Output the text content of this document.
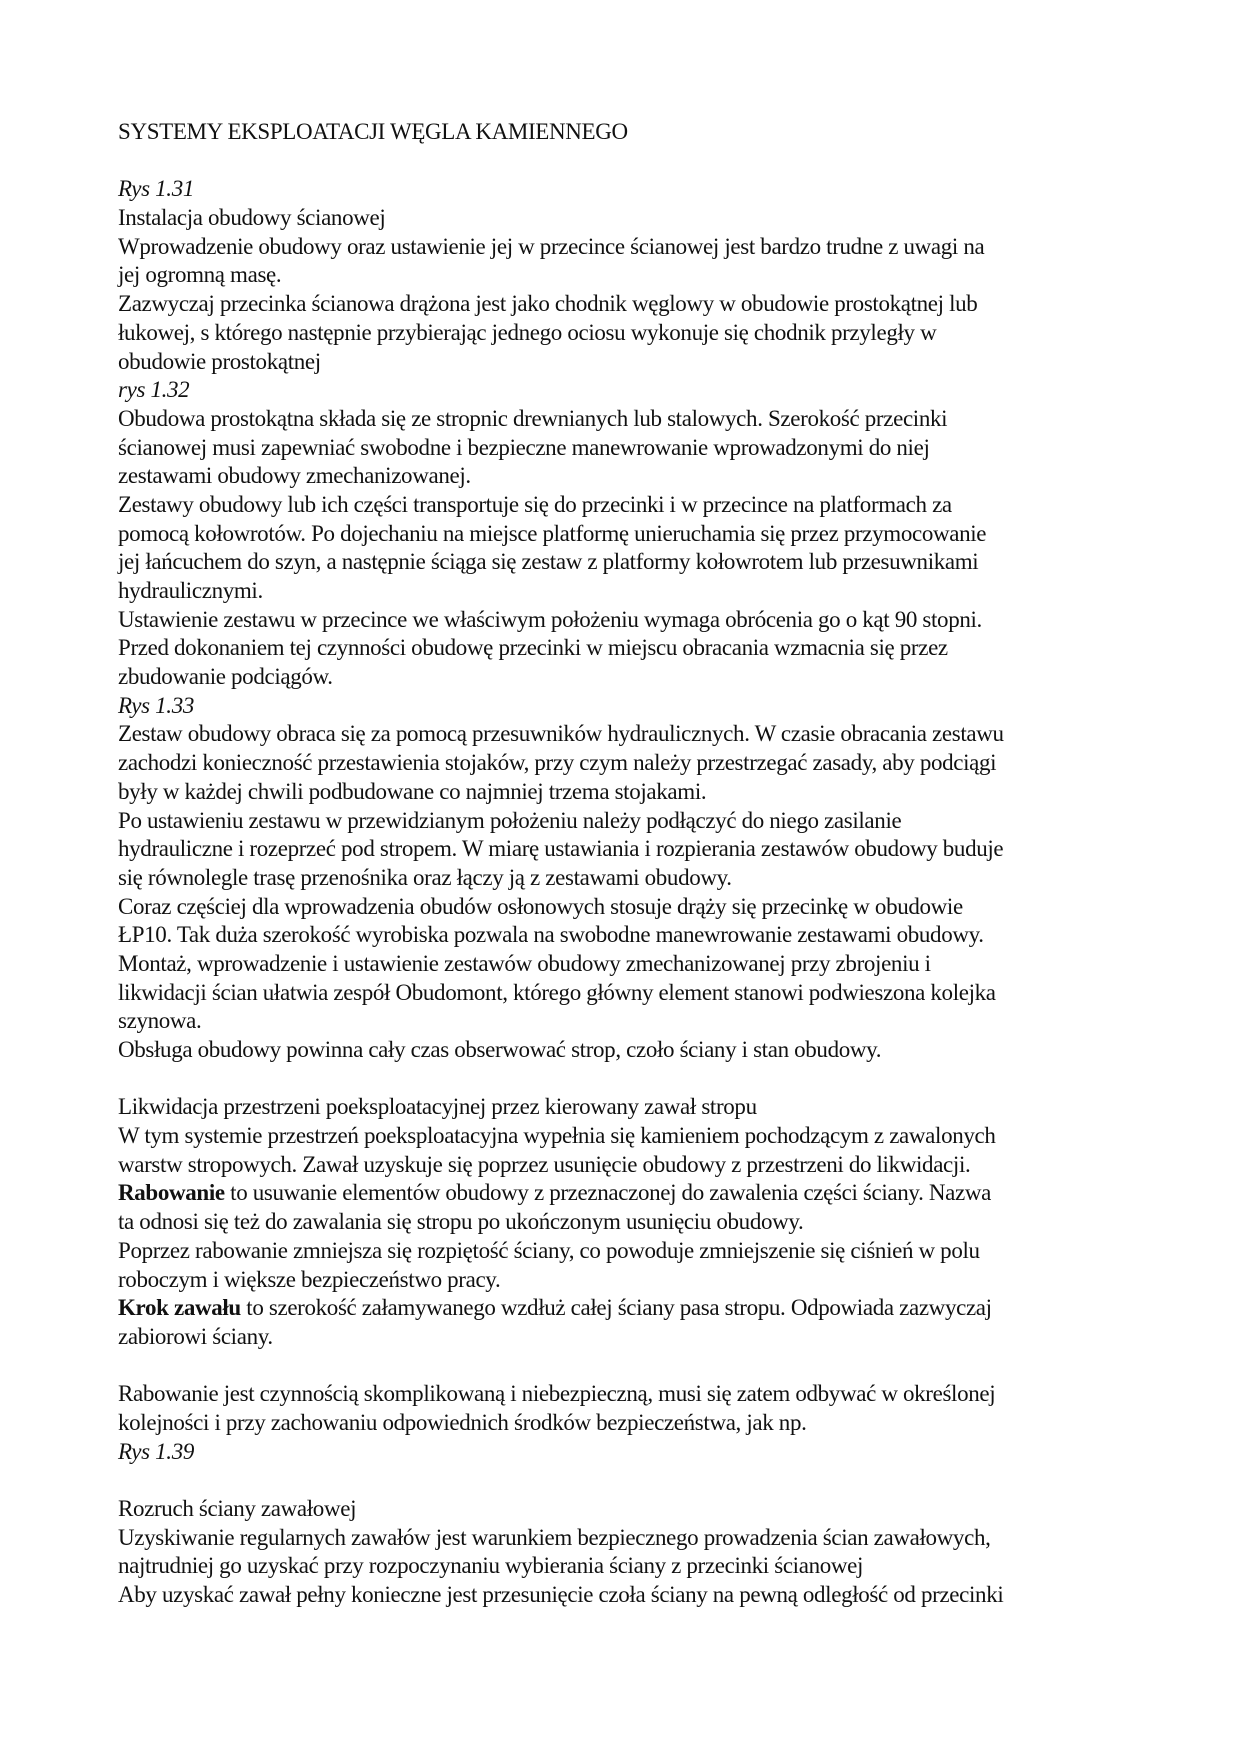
SYSTEMY EKSPLOATACJI WĘGLA KAMIENNEGO
Rys 1.31
Instalacja obudowy ścianowej
Wprowadzenie obudowy oraz ustawienie jej w przecince ścianowej jest bardzo trudne z uwagi na
jej ogromną masę.
Zazwyczaj przecinka ścianowa drążona jest jako chodnik węglowy w obudowie prostokątnej lub
łukowej, s którego następnie przybierając jednego ociosu wykonuje się chodnik przyległy w
obudowie prostokątnej
rys 1.32
Obudowa prostokątna składa się ze stropnic drewnianych lub stalowych. Szerokość przecinki
ścianowej musi zapewniać swobodne i bezpieczne manewrowanie wprowadzonymi do niej
zestawami obudowy zmechanizowanej.
Zestawy obudowy lub ich części transportuje się do przecinki i w przecince na platformach za
pomocą kołowrotów. Po dojechaniu na miejsce platformę unieruchamia się przez przymocowanie
jej łańcuchem do szyn, a następnie ściąga się zestaw z platformy kołowrotem lub przesuwnikami
hydraulicznymi.
Ustawienie zestawu w przecince we właściwym położeniu wymaga obrócenia go o kąt 90 stopni.
Przed dokonaniem tej czynności obudowę przecinki w miejscu obracania wzmacnia się przez
zbudowanie podciągów.
Rys 1.33
Zestaw obudowy obraca się za pomocą przesuwników hydraulicznych. W czasie obracania zestawu
zachodzi konieczność przestawienia stojaków, przy czym należy przestrzegać zasady, aby podciągi
były w każdej chwili podbudowane co najmniej trzema stojakami.
Po ustawieniu zestawu w przewidzianym położeniu należy podłączyć do niego zasilanie
hydrauliczne i rozeprzeć pod stropem. W miarę ustawiania i rozpierania zestawów obudowy buduje
się równolegle trasę przenośnika oraz łączy ją z zestawami obudowy.
Coraz częściej dla wprowadzenia obudów osłonowych stosuje drąży się przecinkę w obudowie
ŁP10. Tak duża szerokość wyrobiska pozwala na swobodne manewrowanie zestawami obudowy.
Montaż, wprowadzenie i ustawienie zestawów obudowy zmechanizowanej przy zbrojeniu i
likwidacji ścian ułatwia zespół Obudomont, którego główny element stanowi podwieszona kolejka
szynowa.
Obsługa obudowy powinna cały czas obserwować strop, czoło ściany i stan obudowy.
Likwidacja przestrzeni poeksploatacyjnej przez kierowany zawał stropu
W tym systemie przestrzeń poeksploatacyjna wypełnia się kamieniem pochodzącym z zawalonych
warstw stropowych. Zawał uzyskuje się poprzez usunięcie obudowy z przestrzeni do likwidacji.
Rabowanie to usuwanie elementów obudowy z przeznaczonej do zawalenia części ściany. Nazwa
ta odnosi się też do zawalania się stropu po ukończonym usunięciu obudowy.
Poprzez rabowanie zmniejsza się rozpiętość ściany, co powoduje zmniejszenie się ciśnień w polu
roboczym i większe bezpieczeństwo pracy.
Krok zawału to szerokość załamywanego wzdłuż całej ściany pasa stropu. Odpowiada zazwyczaj
zabiorowi ściany.
Rabowanie jest czynnością skomplikowaną i niebezpieczną, musi się zatem odbywać w określonej
kolejności i przy zachowaniu odpowiednich środków bezpieczeństwa, jak np.
Rys 1.39
Rozruch ściany zawałowej
Uzyskiwanie regularnych zawałów jest warunkiem bezpiecznego prowadzenia ścian zawałowych,
najtrudniej go uzyskać przy rozpoczynaniu wybierania ściany z przecinki ścianowej
Aby uzyskać zawał pełny konieczne jest przesunięcie czoła ściany na pewną odległość od przecinki
